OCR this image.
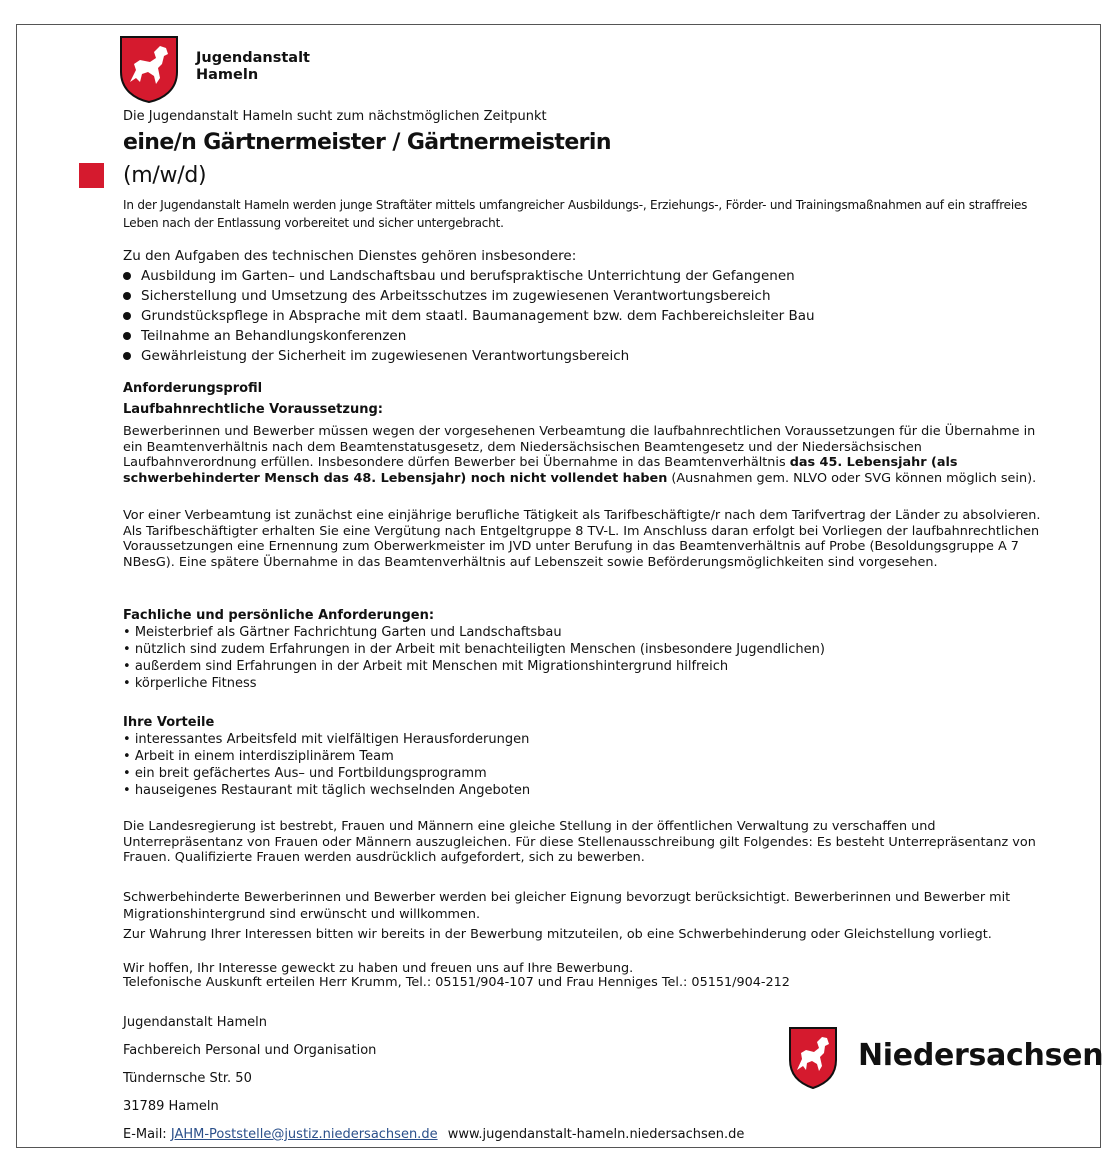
Jugendanstalt
Hameln
Die Jugendanstalt Hameln sucht zum nächstmöglichen Zeitpunkt
eine/n Gärtnermeister / Gärtnermeisterin
(m/w/d)
In der Jugendanstalt Hameln werden junge Straftäter mittels umfangreicher Ausbildungs-, Erziehungs-, Förder- und Trainingsmaßnahmen auf ein straffreies Leben nach der Entlassung vorbereitet und sicher untergebracht.

Zu den Aufgaben des technischen Dienstes gehören insbesondere:

Ausbildung im Garten– und Landschaftsbau und berufspraktische Unterrichtung der Gefangenen
Sicherstellung und Umsetzung des Arbeitsschutzes im zugewiesenen Verantwortungsbereich
Grundstückspflege in Absprache mit dem staatl. Baumanagement bzw. dem Fachbereichsleiter Bau
Teilnahme an Behandlungskonferenzen
Gewährleistung der Sicherheit im zugewiesenen Verantwortungsbereich

Anforderungsprofil

Laufbahnrechtliche Voraussetzung:

Bewerberinnen und Bewerber müssen wegen der vorgesehenen Verbeamtung die laufbahnrechtlichen Voraussetzungen für die Übernahme in ein Beamtenverhältnis nach dem Beamtenstatusgesetz, dem Niedersächsischen Beamtengesetz und der Niedersächsischen Laufbahnverordnung erfüllen. Insbesondere dürfen Bewerber bei Übernahme in das Beamtenverhältnis das 45. Lebensjahr (als schwerbehinderter Mensch das 48. Lebensjahr) noch nicht vollendet haben (Ausnahmen gem. NLVO oder SVG können möglich sein).

Vor einer Verbeamtung ist zunächst eine einjährige berufliche Tätigkeit als Tarifbeschäftigte/r nach dem Tarifvertrag der Länder zu absolvieren. Als Tarifbeschäftigter erhalten Sie eine Vergütung nach Entgeltgruppe 8 TV-L. Im Anschluss daran erfolgt bei Vorliegen der laufbahnrechtlichen Voraussetzungen eine Ernennung zum Oberwerkmeister im JVD unter Berufung in das Beamtenverhältnis auf Probe (Besoldungsgruppe A 7 NBesG). Eine spätere Übernahme in das Beamtenverhältnis auf Lebenszeit sowie Beförderungsmöglichkeiten sind vorgesehen.

Fachliche und persönliche Anforderungen:

• Meisterbrief als Gärtner Fachrichtung Garten und Landschaftsbau
• nützlich sind zudem Erfahrungen in der Arbeit mit benachteiligten Menschen (insbesondere Jugendlichen)
• außerdem sind Erfahrungen in der Arbeit mit Menschen mit Migrationshintergrund hilfreich
• körperliche Fitness

Ihre Vorteile

• interessantes Arbeitsfeld mit vielfältigen Herausforderungen
• Arbeit in einem interdisziplinärem Team
• ein breit gefächertes Aus– und Fortbildungsprogramm
• hauseigenes Restaurant mit täglich wechselnden Angeboten
Die Landesregierung ist bestrebt, Frauen und Männern eine gleiche Stellung in der öffentlichen Verwaltung zu verschaffen und Unterrepräsentanz von Frauen oder Männern auszugleichen. Für diese Stellenausschreibung gilt Folgendes: Es besteht Unterrepräsentanz von Frauen. Qualifizierte Frauen werden ausdrücklich aufgefordert, sich zu bewerben.
Schwerbehinderte Bewerberinnen und Bewerber werden bei gleicher Eignung bevorzugt berücksichtigt. Bewerberinnen und Bewerber mit Migrationshintergrund sind erwünscht und willkommen.
Zur Wahrung Ihrer Interessen bitten wir bereits in der Bewerbung mitzuteilen, ob eine Schwerbehinderung oder Gleichstellung vorliegt.

Wir hoffen, Ihr Interesse geweckt zu haben und freuen uns auf Ihre Bewerbung.

Telefonische Auskunft erteilen Herr Krumm, Tel.: 05151/904-107 und Frau Henniges Tel.: 05151/904-212

Jugendanstalt Hameln

Fachbereich Personal und Organisation

Tündernsche Str. 50

31789 Hameln

E-Mail: JAHM-Poststelle@justiz.niedersachsen.de www.jugendanstalt-hameln.niedersachsen.de

Niedersachsen
